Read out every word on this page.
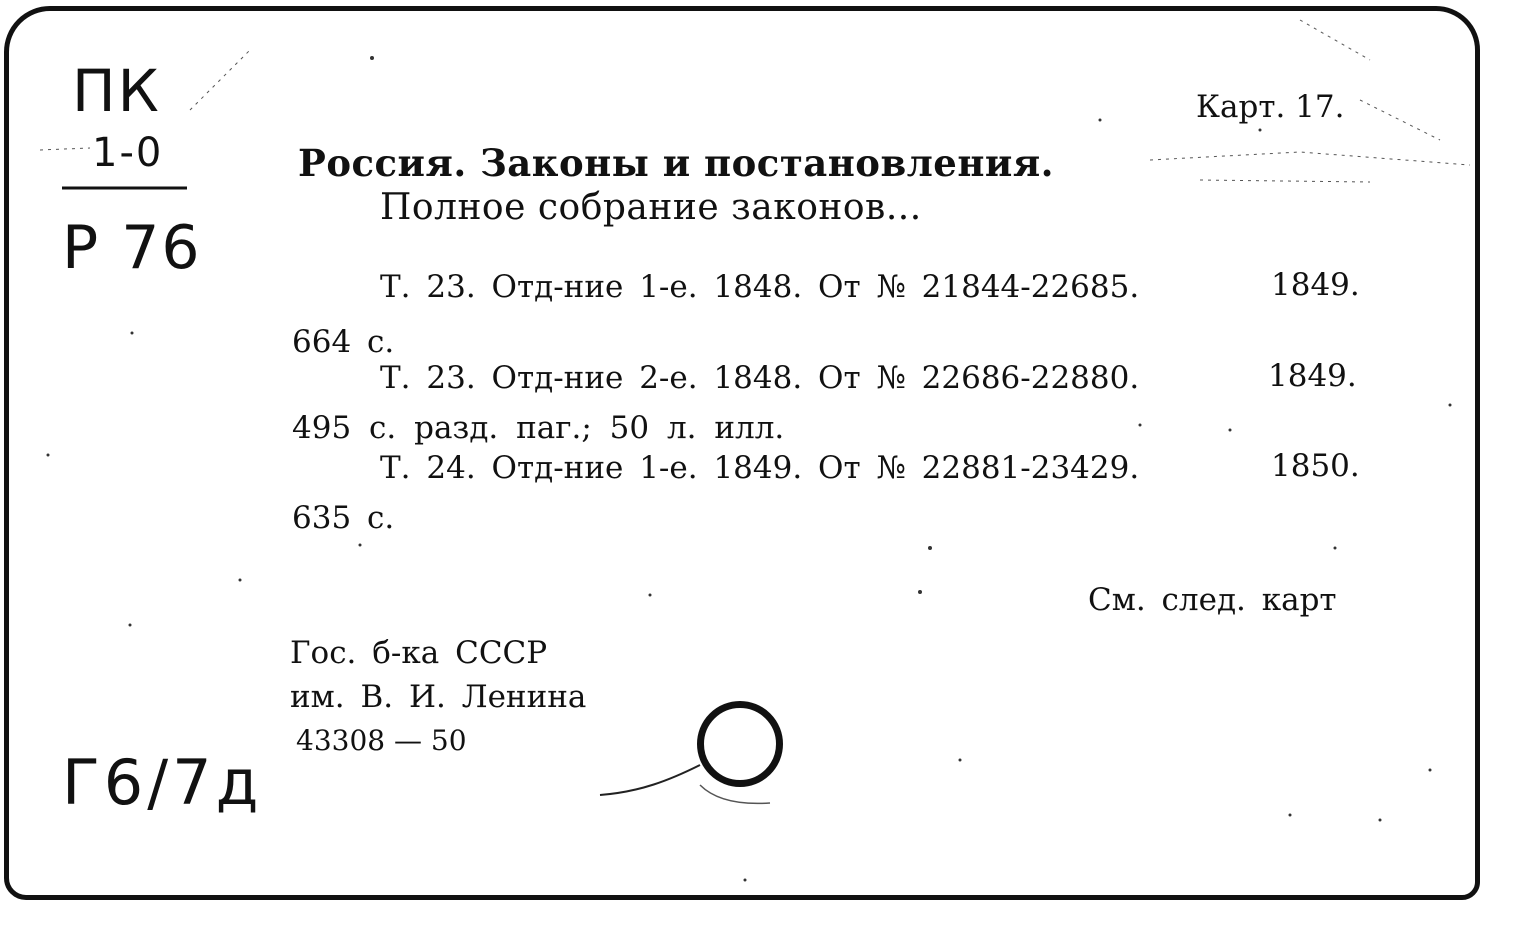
ПК
1-0
Р 76
Карт. 17.
Россия. Законы и постановления.
Полное собрание законов...
Т. 23. Отд-ние 1-е. 1848. От № 21844-22685.	1849.
664 с.
Т. 23. Отд-ние 2-е. 1848. От № 22686-22880.	1849.
495 с. разд. паг.; 50 л. илл.
Т. 24. Отд-ние 1-е. 1849. От № 22881-23429.	1850.
635 с.
См. след. карт
Гос. б-ка СССР
им. В. И. Ленина
43308 — 50
Г6/7д
